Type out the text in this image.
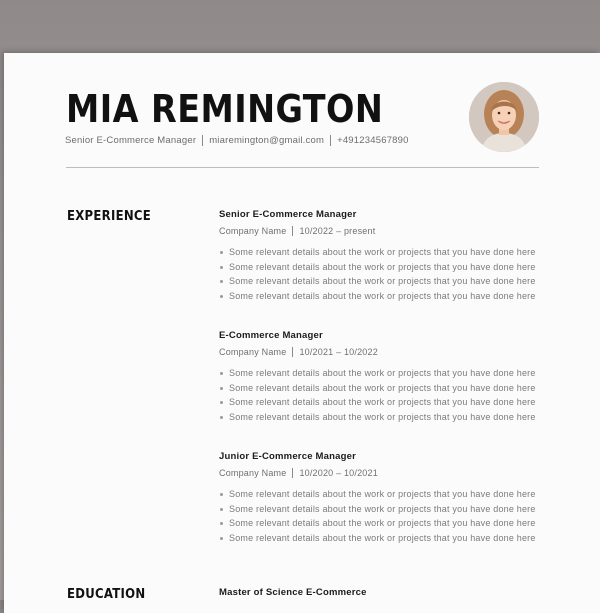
MIA REMINGTON
Senior E-Commerce Manager miaremington@gmail.com +491234567890
EXPERIENCE	Senior E-Commerce Manager
Company Name 10/2022 – present
Some relevant details about the work or projects that you have done here
Some relevant details about the work or projects that you have done here
Some relevant details about the work or projects that you have done here
Some relevant details about the work or projects that you have done here
E-Commerce Manager
Company Name 10/2021 – 10/2022
Some relevant details about the work or projects that you have done here
Some relevant details about the work or projects that you have done here
Some relevant details about the work or projects that you have done here
Some relevant details about the work or projects that you have done here
Junior E-Commerce Manager
Company Name 10/2020 – 10/2021
Some relevant details about the work or projects that you have done here
Some relevant details about the work or projects that you have done here
Some relevant details about the work or projects that you have done here
Some relevant details about the work or projects that you have done here
EDUCATION	Master of Science E-Commerce
